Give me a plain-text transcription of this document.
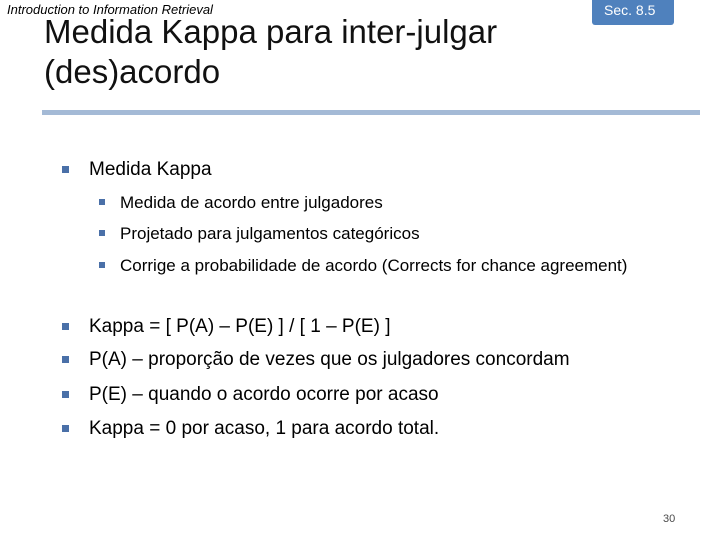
Introduction to Information Retrieval	Sec. 8.5
Medida Kappa para inter-julgar
(des)acordo
Medida Kappa
Medida de acordo entre julgadores
Projetado para julgamentos categóricos
Corrige a probabilidade de acordo (Corrects for chance agreement)
Kappa = [ P(A) – P(E) ] / [ 1 – P(E) ]
P(A) – proporção de vezes que os julgadores concordam
P(E) – quando o acordo ocorre por acaso
Kappa = 0 por acaso, 1 para acordo total.
30
